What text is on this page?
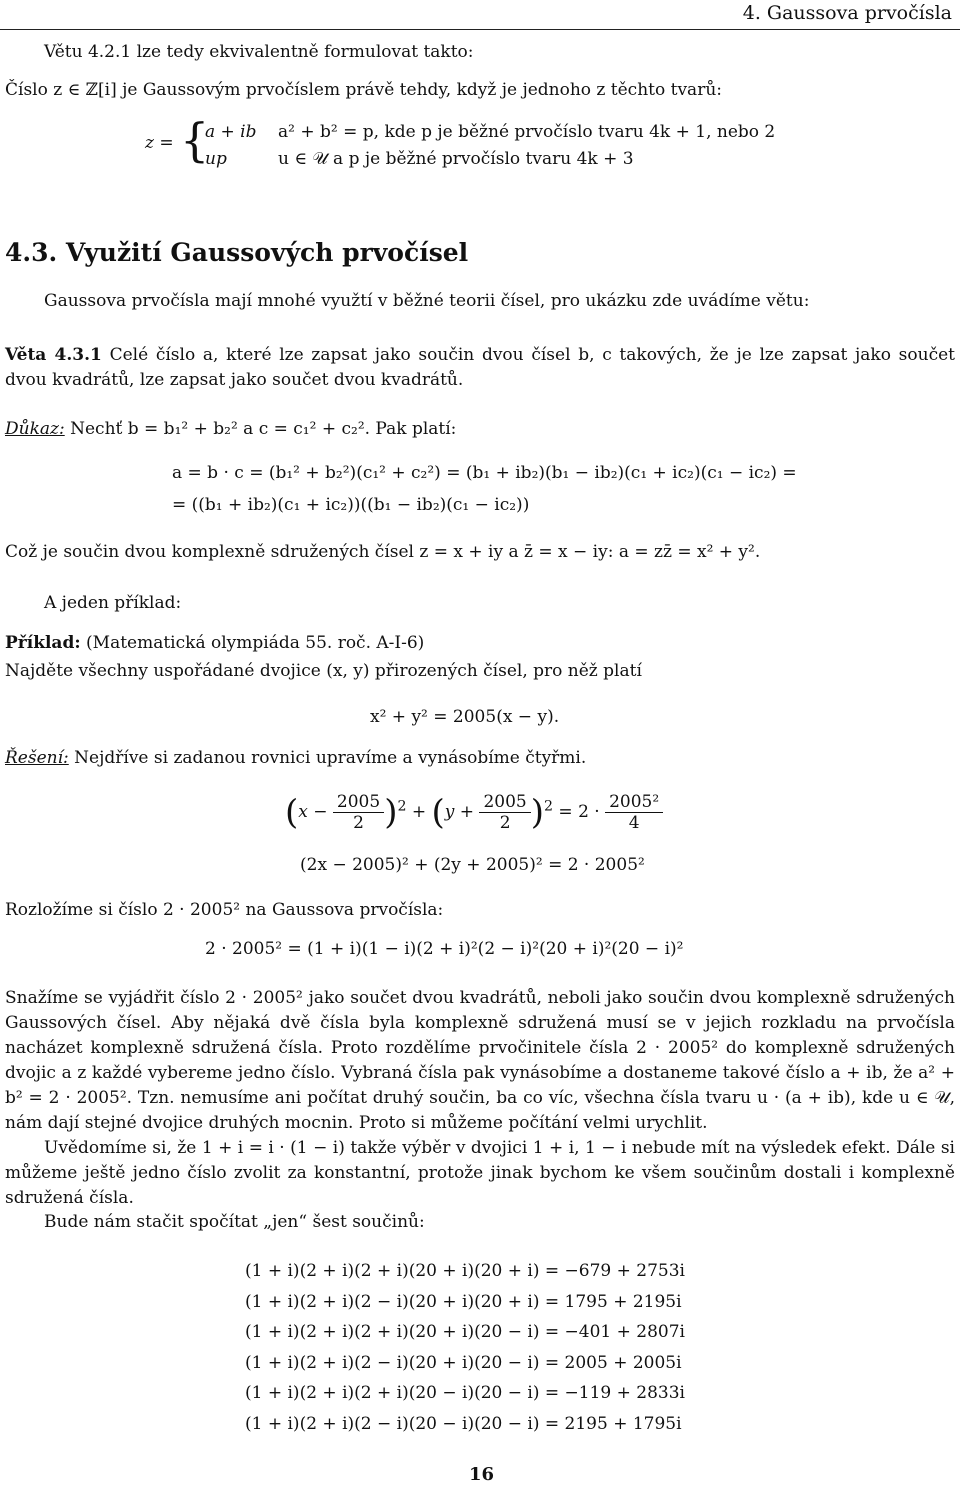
4. Gaussova prvočísla
Větu 4.2.1 lze tedy ekvivalentně formulovat takto:
Číslo z ∈ ℤ[i] je Gaussovým prvočíslem právě tehdy, když je jednoho z těchto tvarů:
z = {
a + ib a² + b² = p, kde p je běžné prvočíslo tvaru 4k + 1, nebo 2
up	u ∈ 𝒰 a p je běžné prvočíslo tvaru 4k + 3
4.3. Využití Gaussových prvočísel
Gaussova prvočísla mají mnohé využtí v běžné teorii čísel, pro ukázku zde uvádíme větu:
Věta 4.3.1 Celé číslo a, které lze zapsat jako součin dvou čísel b, c takových, že je lze zapsat jako součet dvou kvadrátů, lze zapsat jako součet dvou kvadrátů.
Důkaz: Nechť b = b₁² + b₂² a c = c₁² + c₂². Pak platí:
a = b · c = (b₁² + b₂²)(c₁² + c₂²) = (b₁ + ib₂)(b₁ − ib₂)(c₁ + ic₂)(c₁ − ic₂) =
= ((b₁ + ib₂)(c₁ + ic₂))((b₁ − ib₂)(c₁ − ic₂))
Což je součin dvou komplexně sdružených čísel z = x + iy a z̄ = x − iy: a = zz̄ = x² + y².
A jeden příklad:
Příklad: (Matematická olympiáda 55. roč. A-I-6)
Najděte všechny uspořádané dvojice (x, y) přirozených čísel, pro něž platí
x² + y² = 2005(x − y).
Řešení: Nejdříve si zadanou rovnici upravíme a vynásobíme čtyřmi.
$(x - \frac{2005}{2} )^2 + (y + \frac{2005}{2} )^2 = 2 \cdot \frac{\text{2005²}}{4}$
(2x − 2005)² + (2y + 2005)² = 2 · 2005²
Rozložíme si číslo 2 · 2005² na Gaussova prvočísla:
2 · 2005² = (1 + i)(1 − i)(2 + i)²(2 − i)²(20 + i)²(20 − i)²
Snažíme se vyjádřit číslo 2 · 2005² jako součet dvou kvadrátů, neboli jako součin dvou komplexně sdružených Gaussových čísel. Aby nějaká dvě čísla byla komplexně sdružená musí se v jejich rozkladu na prvočísla nacházet komplexně sdružená čísla. Proto rozdělíme prvočinitele čísla 2 · 2005² do komplexně sdružených dvojic a z každé vybereme jedno číslo. Vybraná čísla pak vynásobíme a dostaneme takové číslo a + ib, že a² + b² = 2 · 2005². Tzn. nemusíme ani počítat druhý součin, ba co víc, všechna čísla tvaru u · (a + ib), kde u ∈ 𝒰, nám dají stejné dvojice druhých mocnin. Proto si můžeme počítání velmi urychlit.
Uvědomíme si, že 1 + i = i · (1 − i) takže výběr v dvojici 1 + i, 1 − i nebude mít na výsledek efekt. Dále si můžeme ještě jedno číslo zvolit za konstantní, protože jinak bychom ke všem součinům dostali i komplexně sdružená čísla.
Bude nám stačit spočítat „jen“ šest součinů:
(1 + i)(2 + i)(2 + i)(20 + i)(20 + i) = −679 + 2753i
(1 + i)(2 + i)(2 − i)(20 + i)(20 + i) = 1795 + 2195i
(1 + i)(2 + i)(2 + i)(20 + i)(20 − i) = −401 + 2807i
(1 + i)(2 + i)(2 − i)(20 + i)(20 − i) = 2005 + 2005i
(1 + i)(2 + i)(2 + i)(20 − i)(20 − i) = −119 + 2833i
(1 + i)(2 + i)(2 − i)(20 − i)(20 − i) = 2195 + 1795i
16
